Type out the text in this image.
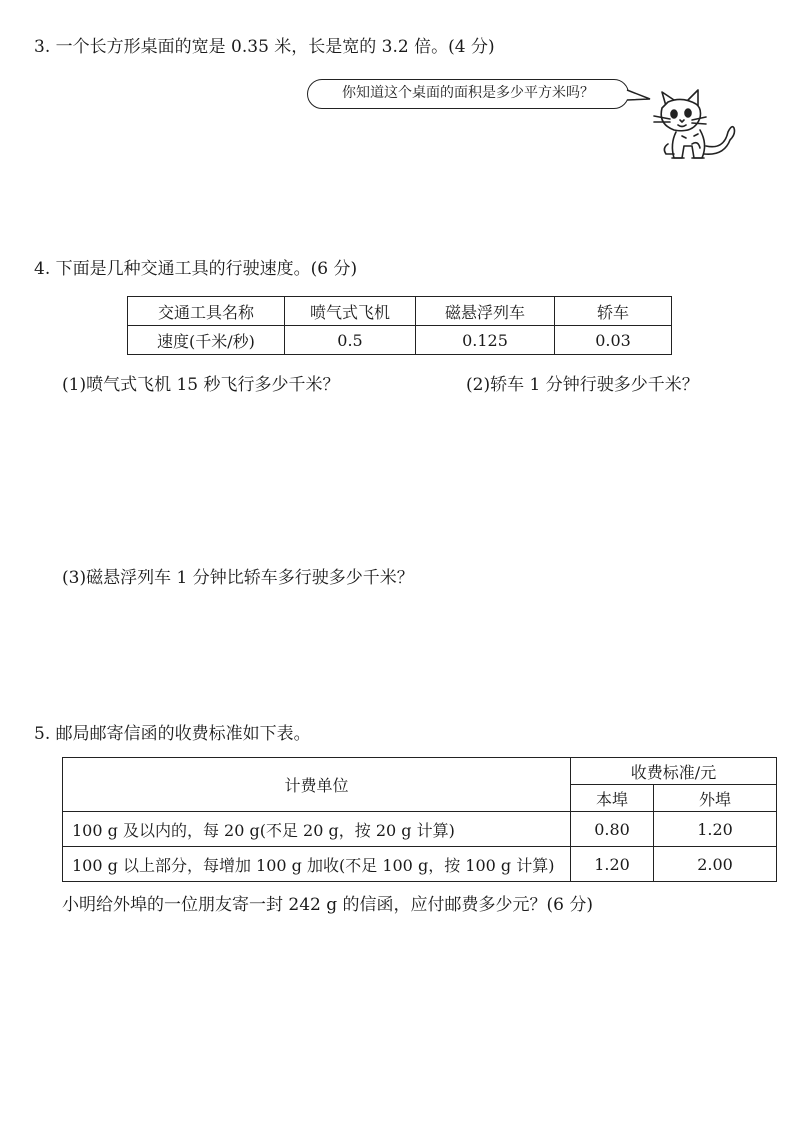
3. 一个长方形桌面的宽是 0.35 米，长是宽的 3.2 倍。(4 分)
你知道这个桌面的面积是多少平方米吗？
4. 下面是几种交通工具的行驶速度。(6 分)
交通工具名称	喷气式飞机	磁悬浮列车	轿车
速度(千米/秒)	0.5	0.125	0.03
(1)喷气式飞机 15 秒飞行多少千米？	(2)轿车 1 分钟行驶多少千米？
(3)磁悬浮列车 1 分钟比轿车多行驶多少千米？
5. 邮局邮寄信函的收费标准如下表。
计费单位	收费标准/元	
	本埠	外埠
100 g 及以内的，每 20 g(不足 20 g，按 20 g 计算)	0.80	1.20
100 g 以上部分，每增加 100 g 加收(不足 100 g，按 100 g 计算)	1.20	2.00
小明给外埠的一位朋友寄一封 242 g 的信函，应付邮费多少元？(6 分)
